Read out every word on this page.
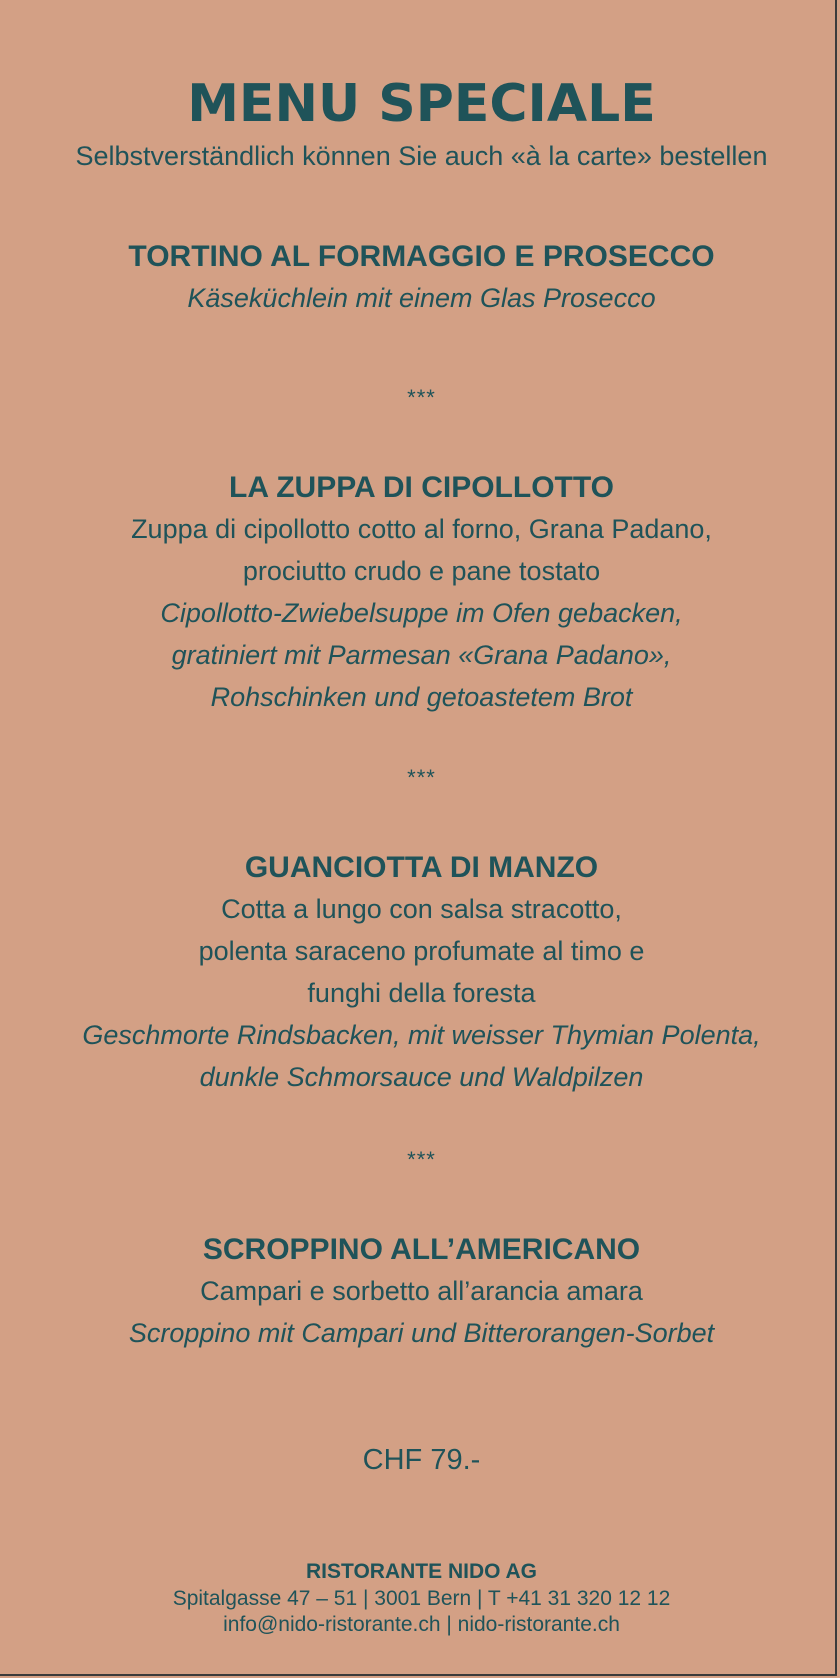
MENU SPECIALE
Selbstverständlich können Sie auch «à la carte» bestellen
TORTINO AL FORMAGGIO E PROSECCO
Käseküchlein mit einem Glas Prosecco
***
LA ZUPPA DI CIPOLLOTTO
Zuppa di cipollotto cotto al forno, Grana Padano,
prociutto crudo e pane tostato
Cipollotto-Zwiebelsuppe im Ofen gebacken,
gratiniert mit Parmesan «Grana Padano»,
Rohschinken und getoastetem Brot
***
GUANCIOTTA DI MANZO
Cotta a lungo con salsa stracotto,
polenta saraceno profumate al timo e
funghi della foresta
Geschmorte Rindsbacken, mit weisser Thymian Polenta,
dunkle Schmorsauce und Waldpilzen
***
SCROPPINO ALL’AMERICANO
Campari e sorbetto all’arancia amara
Scroppino mit Campari und Bitterorangen-Sorbet
CHF 79.-
RISTORANTE NIDO AG
Spitalgasse 47 – 51 | 3001 Bern | T +41 31 320 12 12
info@nido-ristorante.ch | nido-ristorante.ch
